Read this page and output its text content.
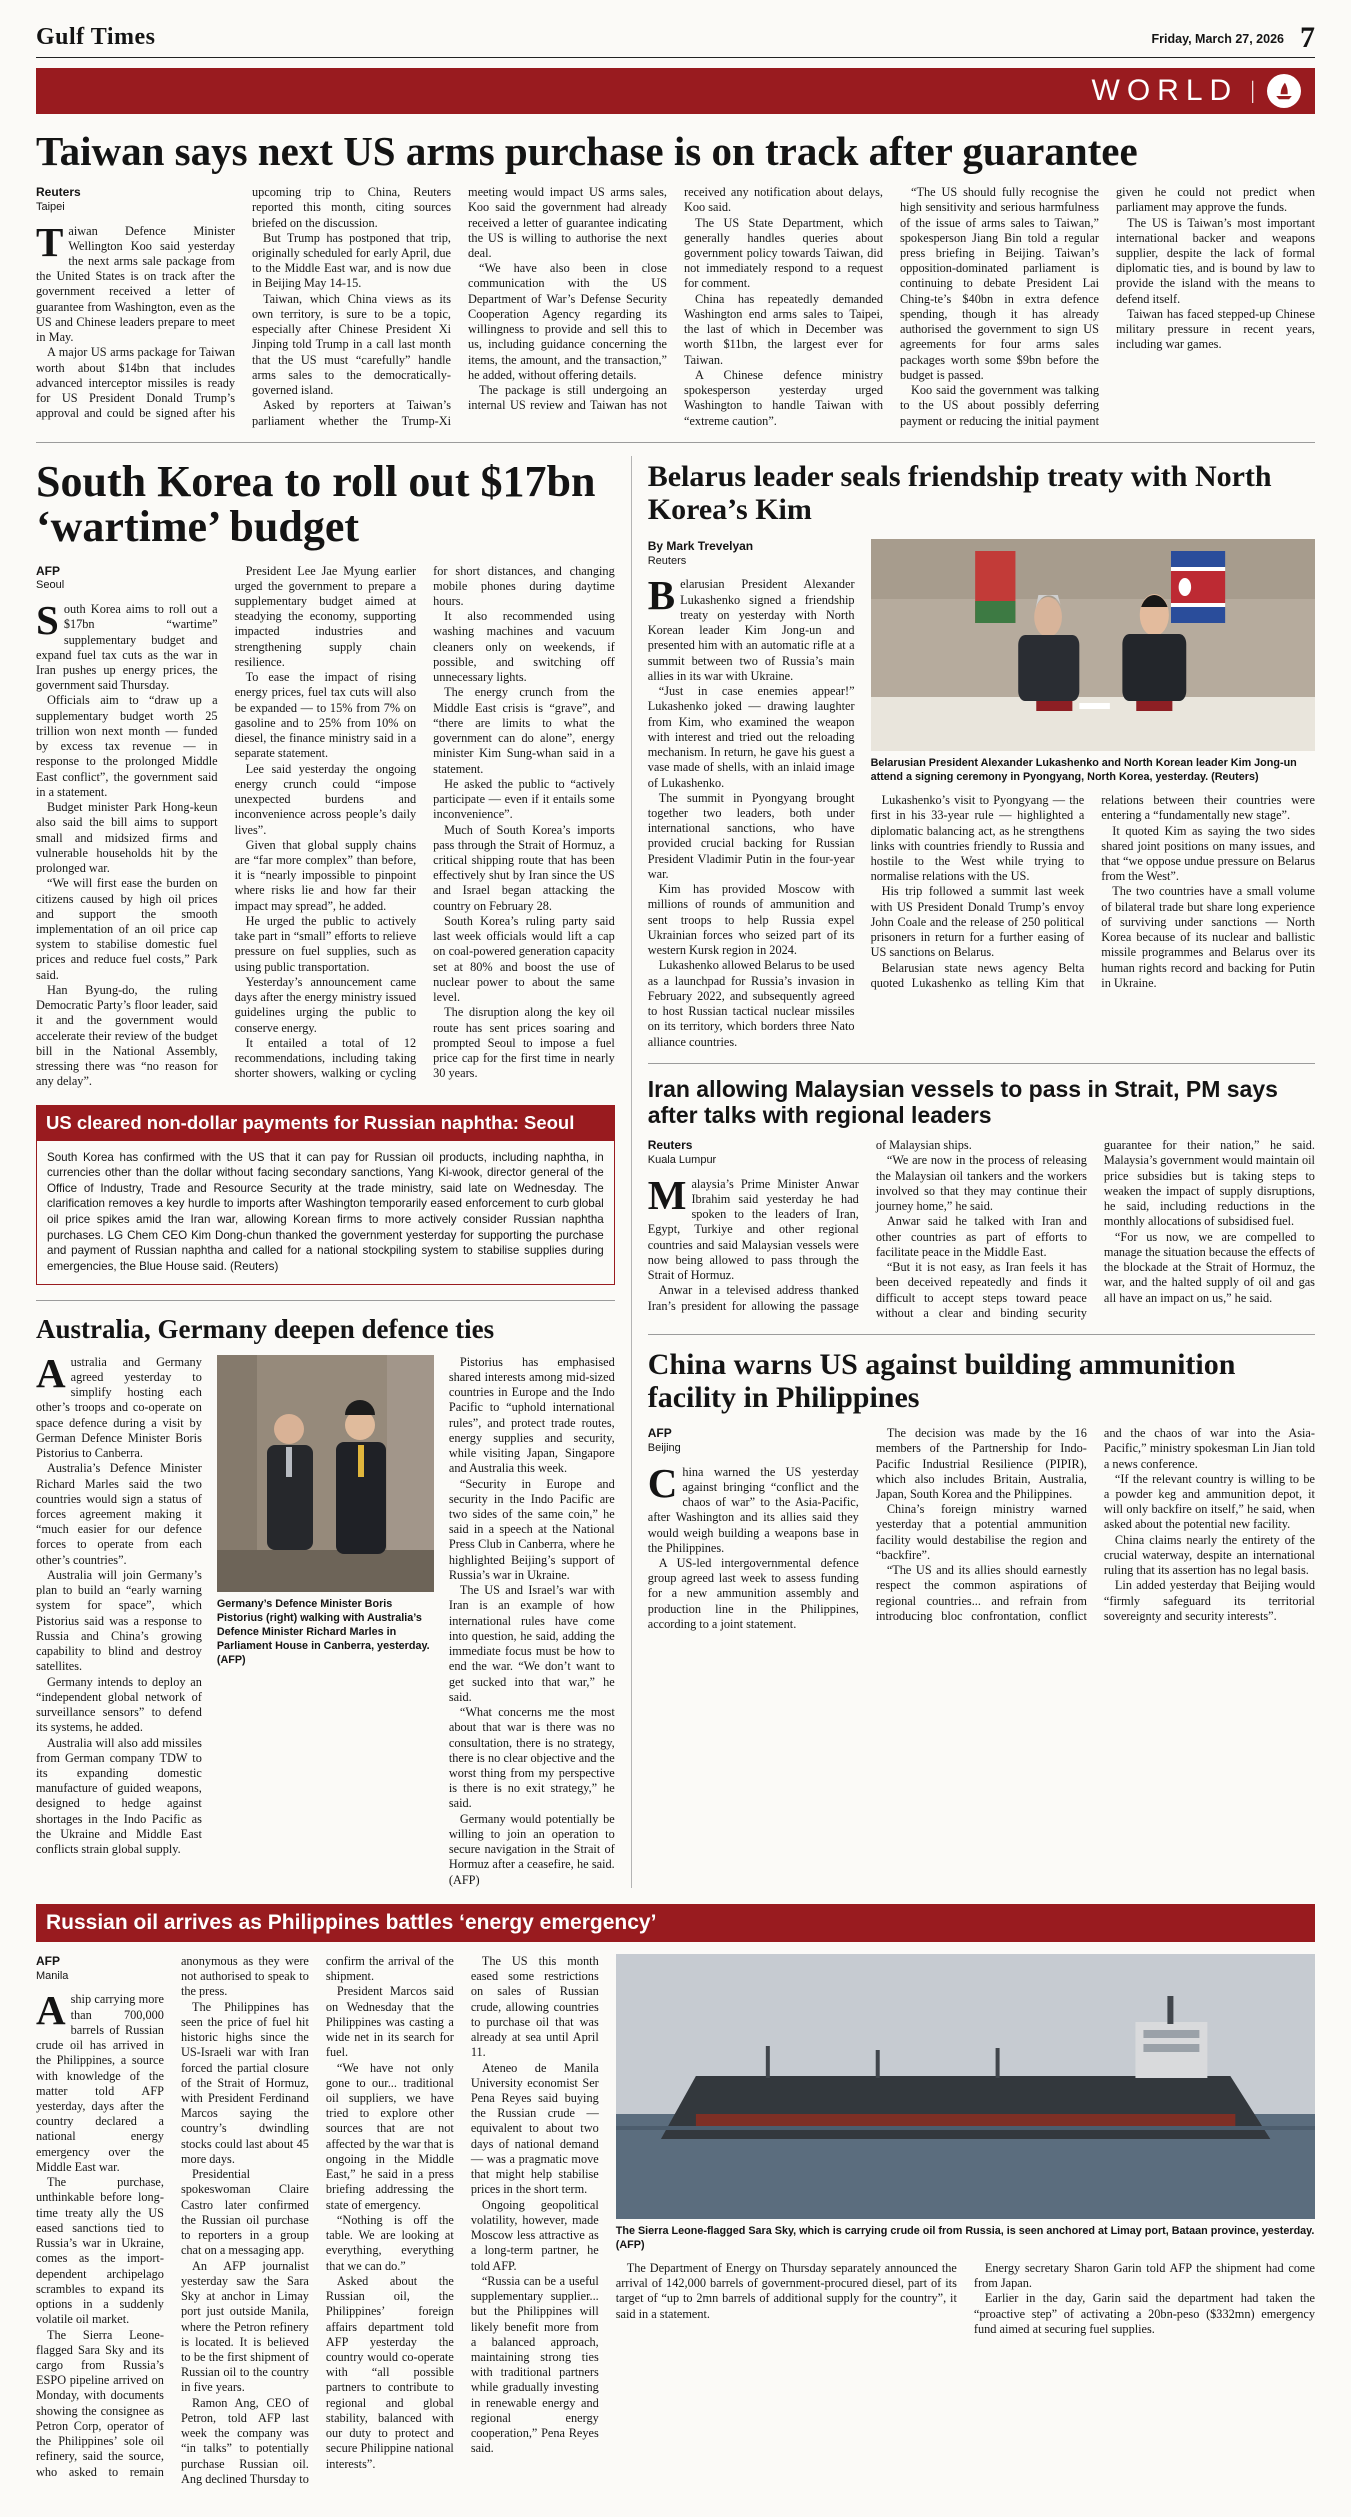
Gulf Times	Friday, March 27, 2026 7
WORLD |
Taiwan says next US arms purchase is on track after guarantee
Reuters
Taipei

Taiwan Defence Minister Wellington Koo said yesterday the next arms sale package from the United States is on track after the government received a letter of guarantee from Washington, even as the US and Chinese leaders prepare to meet in May.

A major US arms package for Taiwan worth about $14bn that includes advanced interceptor missiles is ready for US President Donald Trump’s approval and could be signed after his upcoming trip to China, Reuters reported this month, citing sources briefed on the discussion.

But Trump has postponed that trip, originally scheduled for early April, due to the Middle East war, and is now due in Beijing May 14-15.

Taiwan, which China views as its own territory, is sure to be a topic, especially after Chinese President Xi Jinping told Trump in a call last month that the US must “carefully” handle arms sales to the democratically-governed island.

Asked by reporters at Taiwan’s parliament whether the Trump-Xi meeting would impact US arms sales, Koo said the government had already received a letter of guarantee indicating the US is willing to authorise the next deal.

“We have also been in close communication with the US Department of War’s Defense Security Cooperation Agency regarding its willingness to provide and sell this to us, including guidance concerning the items, the amount, and the transaction,” he added, without offering details.

The package is still undergoing an internal US review and Taiwan has not received any notification about delays, Koo said.

The US State Department, which generally handles queries about government policy towards Taiwan, did not immediately respond to a request for comment.

China has repeatedly demanded Washington end arms sales to Taipei, the last of which in December was worth $11bn, the largest ever for Taiwan.

A Chinese defence ministry spokesperson yesterday urged Washington to handle Taiwan with “extreme caution”.

“The US should fully recognise the high sensitivity and serious harmfulness of the issue of arms sales to Taiwan,” spokesperson Jiang Bin told a regular press briefing in Beijing. Taiwan’s opposition-dominated parliament is continuing to debate President Lai Ching-te’s $40bn in extra defence spending, though it has already authorised the government to sign US agreements for four arms sales packages worth some $9bn before the budget is passed.

Koo said the government was talking to the US about possibly deferring payment or reducing the initial payment given he could not predict when parliament may approve the funds.

The US is Taiwan’s most important international backer and weapons supplier, despite the lack of formal diplomatic ties, and is bound by law to provide the island with the means to defend itself.

Taiwan has faced stepped-up Chinese military pressure in recent years, including war games.

South Korea to roll out $17bn ‘wartime’ budget
AFP
Seoul

South Korea aims to roll out a $17bn “wartime” supplementary budget and expand fuel tax cuts as the war in Iran pushes up energy prices, the government said Thursday.

Officials aim to “draw up a supplementary budget worth 25 trillion won next month — funded by excess tax revenue — in response to the prolonged Middle East conflict”, the government said in a statement.

Budget minister Park Hong-keun also said the bill aims to support small and midsized firms and vulnerable households hit by the prolonged war.

“We will first ease the burden on citizens caused by high oil prices and support the smooth implementation of an oil price cap system to stabilise domestic fuel prices and reduce fuel costs,” Park said.

Han Byung-do, the ruling Democratic Party’s floor leader, said it and the government would accelerate their review of the budget bill in the National Assembly, stressing there was “no reason for any delay”.

President Lee Jae Myung earlier urged the government to prepare a supplementary budget aimed at steadying the economy, supporting impacted industries and strengthening supply chain resilience.

To ease the impact of rising energy prices, fuel tax cuts will also be expanded — to 15% from 7% on gasoline and to 25% from 10% on diesel, the finance ministry said in a separate statement.

Lee said yesterday the ongoing energy crunch could “impose unexpected burdens and inconvenience across people’s daily lives”.

Given that global supply chains are “far more complex” than before, it is “nearly impossible to pinpoint where risks lie and how far their impact may spread”, he added.

He urged the public to actively take part in “small” efforts to relieve pressure on fuel supplies, such as using public transportation.

Yesterday’s announcement came days after the energy ministry issued guidelines urging the public to conserve energy.

It entailed a total of 12 recommendations, including taking shorter showers, walking or cycling for short distances, and changing mobile phones during daytime hours.

It also recommended using washing machines and vacuum cleaners only on weekends, if possible, and switching off unnecessary lights.

The energy crunch from the Middle East crisis is “grave”, and “there are limits to what the government can do alone”, energy minister Kim Sung-whan said in a statement.

He asked the public to “actively participate — even if it entails some inconvenience”.

Much of South Korea’s imports pass through the Strait of Hormuz, a critical shipping route that has been effectively shut by Iran since the US and Israel began attacking the country on February 28.

South Korea’s ruling party said last week officials would lift a cap on coal-powered generation capacity set at 80% and boost the use of nuclear power to about the same level.

The disruption along the key oil route has sent prices soaring and prompted Seoul to impose a fuel price cap for the first time in nearly 30 years.

US cleared non-dollar payments for Russian naphtha: Seoul
South Korea has confirmed with the US that it can pay for Russian oil products, including naphtha, in currencies other than the dollar without facing secondary sanctions, Yang Ki-wook, director general of the Office of Industry, Trade and Resource Security at the trade ministry, said late on Wednesday. The clarification removes a key hurdle to imports after Washington temporarily eased enforcement to curb global oil price spikes amid the Iran war, allowing Korean firms to more actively consider Russian naphtha purchases. LG Chem CEO Kim Dong-chun thanked the government yesterday for supporting the purchase and payment of Russian naphtha and called for a national stockpiling system to stabilise supplies during emergencies, the Blue House said. (Reuters)
Australia, Germany deepen defence ties

Australia and Germany agreed yesterday to simplify hosting each other’s troops and co-operate on space defence during a visit by German Defence Minister Boris Pistorius to Canberra.

Australia’s Defence Minister Richard Marles said the two countries would sign a status of forces agreement making it “much easier for our defence forces to operate from each other’s countries”.

Australia will join Germany’s plan to build an “early warning system for space”, which Pistorius said was a response to Russia and China’s growing capability to blind and destroy satellites.

Germany intends to deploy an “independent global network of surveillance sensors” to defend its systems, he added.

Australia will also add missiles from German company TDW to its expanding domestic manufacture of guided weapons, designed to hedge against shortages in the Indo Pacific as the Ukraine and Middle East conflicts strain global supply.

Germany’s Defence Minister Boris Pistorius (right) walking with Australia’s Defence Minister Richard Marles in Parliament House in Canberra, yesterday. (AFP)

Pistorius has emphasised shared interests among mid-sized countries in Europe and the Indo Pacific to “uphold international rules”, and protect trade routes, energy supplies and security, while visiting Japan, Singapore and Australia this week.

“Security in Europe and security in the Indo Pacific are two sides of the same coin,” he said in a speech at the National Press Club in Canberra, where he highlighted Beijing’s support of Russia’s war in Ukraine.

The US and Israel’s war with Iran is an example of how international rules have come into question, he said, adding the immediate focus must be how to end the war. “We don’t want to get sucked into that war,” he said.

“What concerns me the most about that war is there was no consultation, there is no strategy, there is no clear objective and the worst thing from my perspective is there is no exit strategy,” he said.

Germany would potentially be willing to join an operation to secure navigation in the Strait of Hormuz after a ceasefire, he said. (AFP)

Belarus leader seals friendship treaty with North Korea’s Kim
By Mark Trevelyan
Reuters

Belarusian President Alexander Lukashenko signed a friendship treaty on yesterday with North Korean leader Kim Jong-un and presented him with an automatic rifle at a summit between two of Russia’s main allies in its war with Ukraine.

“Just in case enemies appear!” Lukashenko joked — drawing laughter from Kim, who examined the weapon with interest and tried out the reloading mechanism. In return, he gave his guest a vase made of shells, with an inlaid image of Lukashenko.

The summit in Pyongyang brought together two leaders, both under international sanctions, who have provided crucial backing for Russian President Vladimir Putin in the four-year war.

Kim has provided Moscow with millions of rounds of ammunition and sent troops to help Russia expel Ukrainian forces who seized part of its western Kursk region in 2024.

Lukashenko allowed Belarus to be used as a launchpad for Russia’s invasion in February 2022, and subsequently agreed to host Russian tactical nuclear missiles on its territory, which borders three Nato alliance countries.

Belarusian President Alexander Lukashenko and North Korean leader Kim Jong-un attend a signing ceremony in Pyongyang, North Korea, yesterday. (Reuters)

Lukashenko’s visit to Pyongyang — the first in his 33-year rule — highlighted a diplomatic balancing act, as he strengthens links with countries friendly to Russia and hostile to the West while trying to normalise relations with the US.

His trip followed a summit last week with US President Donald Trump’s envoy John Coale and the release of 250 political prisoners in return for a further easing of US sanctions on Belarus.

Belarusian state news agency Belta quoted Lukashenko as telling Kim that relations between their countries were entering a “fundamentally new stage”.

It quoted Kim as saying the two sides shared joint positions on many issues, and that “we oppose undue pressure on Belarus from the West”.

The two countries have a small volume of bilateral trade but share long experience of surviving under sanctions — North Korea because of its nuclear and ballistic missile programmes and Belarus over its human rights record and backing for Putin in Ukraine.

Iran allowing Malaysian vessels to pass in Strait, PM says after talks with regional leaders
Reuters
Kuala Lumpur

Malaysia’s Prime Minister Anwar Ibrahim said yesterday he had spoken to the leaders of Iran, Egypt, Turkiye and other regional countries and said Malaysian vessels were now being allowed to pass through the Strait of Hormuz.

Anwar in a televised address thanked Iran’s president for allowing the passage of Malaysian ships.

“We are now in the process of releasing the Malaysian oil tankers and the workers involved so that they may continue their journey home,” he said.

Anwar said he talked with Iran and other countries as part of efforts to facilitate peace in the Middle East.

“But it is not easy, as Iran feels it has been deceived repeatedly and finds it difficult to accept steps toward peace without a clear and binding security guarantee for their nation,” he said. Malaysia’s government would maintain oil price subsidies but is taking steps to weaken the impact of supply disruptions, he said, including reductions in the monthly allocations of subsidised fuel.

“For us now, we are compelled to manage the situation because the effects of the blockade at the Strait of Hormuz, the war, and the halted supply of oil and gas all have an impact on us,” he said.

China warns US against building ammunition facility in Philippines
AFP
Beijing

China warned the US yesterday against bringing “conflict and the chaos of war” to the Asia-Pacific, after Washington and its allies said they would weigh building a weapons base in the Philippines.

A US-led intergovernmental defence group agreed last week to assess funding for a new ammunition assembly and production line in the Philippines, according to a joint statement.

The decision was made by the 16 members of the Partnership for Indo-Pacific Industrial Resilience (PIPIR), which also includes Britain, Australia, Japan, South Korea and the Philippines.

China’s foreign ministry warned yesterday that a potential ammunition facility would destabilise the region and “backfire”.

“The US and its allies should earnestly respect the common aspirations of regional countries... and refrain from introducing bloc confrontation, conflict and the chaos of war into the Asia-Pacific,” ministry spokesman Lin Jian told a news conference.

“If the relevant country is willing to be a powder keg and ammunition depot, it will only backfire on itself,” he said, when asked about the potential new facility.

China claims nearly the entirety of the crucial waterway, despite an international ruling that its assertion has no legal basis.

Lin added yesterday that Beijing would “firmly safeguard its territorial sovereignty and security interests”.

Russian oil arrives as Philippines battles ‘energy emergency’
AFP
Manila

Aship carrying more than 700,000 barrels of Russian crude oil has arrived in the Philippines, a source with knowledge of the matter told AFP yesterday, days after the country declared a national energy emergency over the Middle East war.

The purchase, unthinkable before long-time treaty ally the US eased sanctions tied to Russia’s war in Ukraine, comes as the import-dependent archipelago scrambles to expand its options in a suddenly volatile oil market.

The Sierra Leone-flagged Sara Sky and its cargo from Russia’s ESPO pipeline arrived on Monday, with documents showing the consignee as Petron Corp, operator of the Philippines’ sole oil refinery, said the source, who asked to remain anonymous as they were not authorised to speak to the press.

The Philippines has seen the price of fuel hit historic highs since the US-Israeli war with Iran forced the partial closure of the Strait of Hormuz, with President Ferdinand Marcos saying the country’s dwindling stocks could last about 45 more days.

Presidential spokeswoman Claire Castro later confirmed the Russian oil purchase to reporters in a group chat on a messaging app.

An AFP journalist yesterday saw the Sara Sky at anchor in Limay port just outside Manila, where the Petron refinery is located. It is believed to be the first shipment of Russian oil to the country in five years.

Ramon Ang, CEO of Petron, told AFP last week the company was “in talks” to potentially purchase Russian oil. Ang declined Thursday to confirm the arrival of the shipment.

President Marcos said on Wednesday that the Philippines was casting a wide net in its search for fuel.

“We have not only gone to our... traditional oil suppliers, we have tried to explore other sources that are not affected by the war that is ongoing in the Middle East,” he said in a press briefing addressing the state of emergency.

“Nothing is off the table. We are looking at everything, everything that we can do.”

Asked about the Russian oil, the Philippines’ foreign affairs department told AFP yesterday the country would co-operate with “all possible partners to contribute to regional and global stability, balanced with our duty to protect and secure Philippine national interests”.

The US this month eased some restrictions on sales of Russian crude, allowing countries to purchase oil that was already at sea until April 11.

Ateneo de Manila University economist Ser Pena Reyes said buying the Russian crude — equivalent to about two days of national demand — was a pragmatic move that might help stabilise prices in the short term.

Ongoing geopolitical volatility, however, made Moscow less attractive as a long-term partner, he told AFP.

“Russia can be a useful supplementary supplier... but the Philippines will likely benefit more from a balanced approach, maintaining strong ties with traditional partners while gradually investing in renewable energy and regional energy cooperation,” Pena Reyes said.

The Sierra Leone-flagged Sara Sky, which is carrying crude oil from Russia, is seen anchored at Limay port, Bataan province, yesterday. (AFP)

The Department of Energy on Thursday separately announced the arrival of 142,000 barrels of government-procured diesel, part of its target of “up to 2mn barrels of additional supply for the country”, it said in a statement.

Energy secretary Sharon Garin told AFP the shipment had come from Japan.

Earlier in the day, Garin said the department had taken the “proactive step” of activating a 20bn-peso ($332mn) emergency fund aimed at securing fuel supplies.
